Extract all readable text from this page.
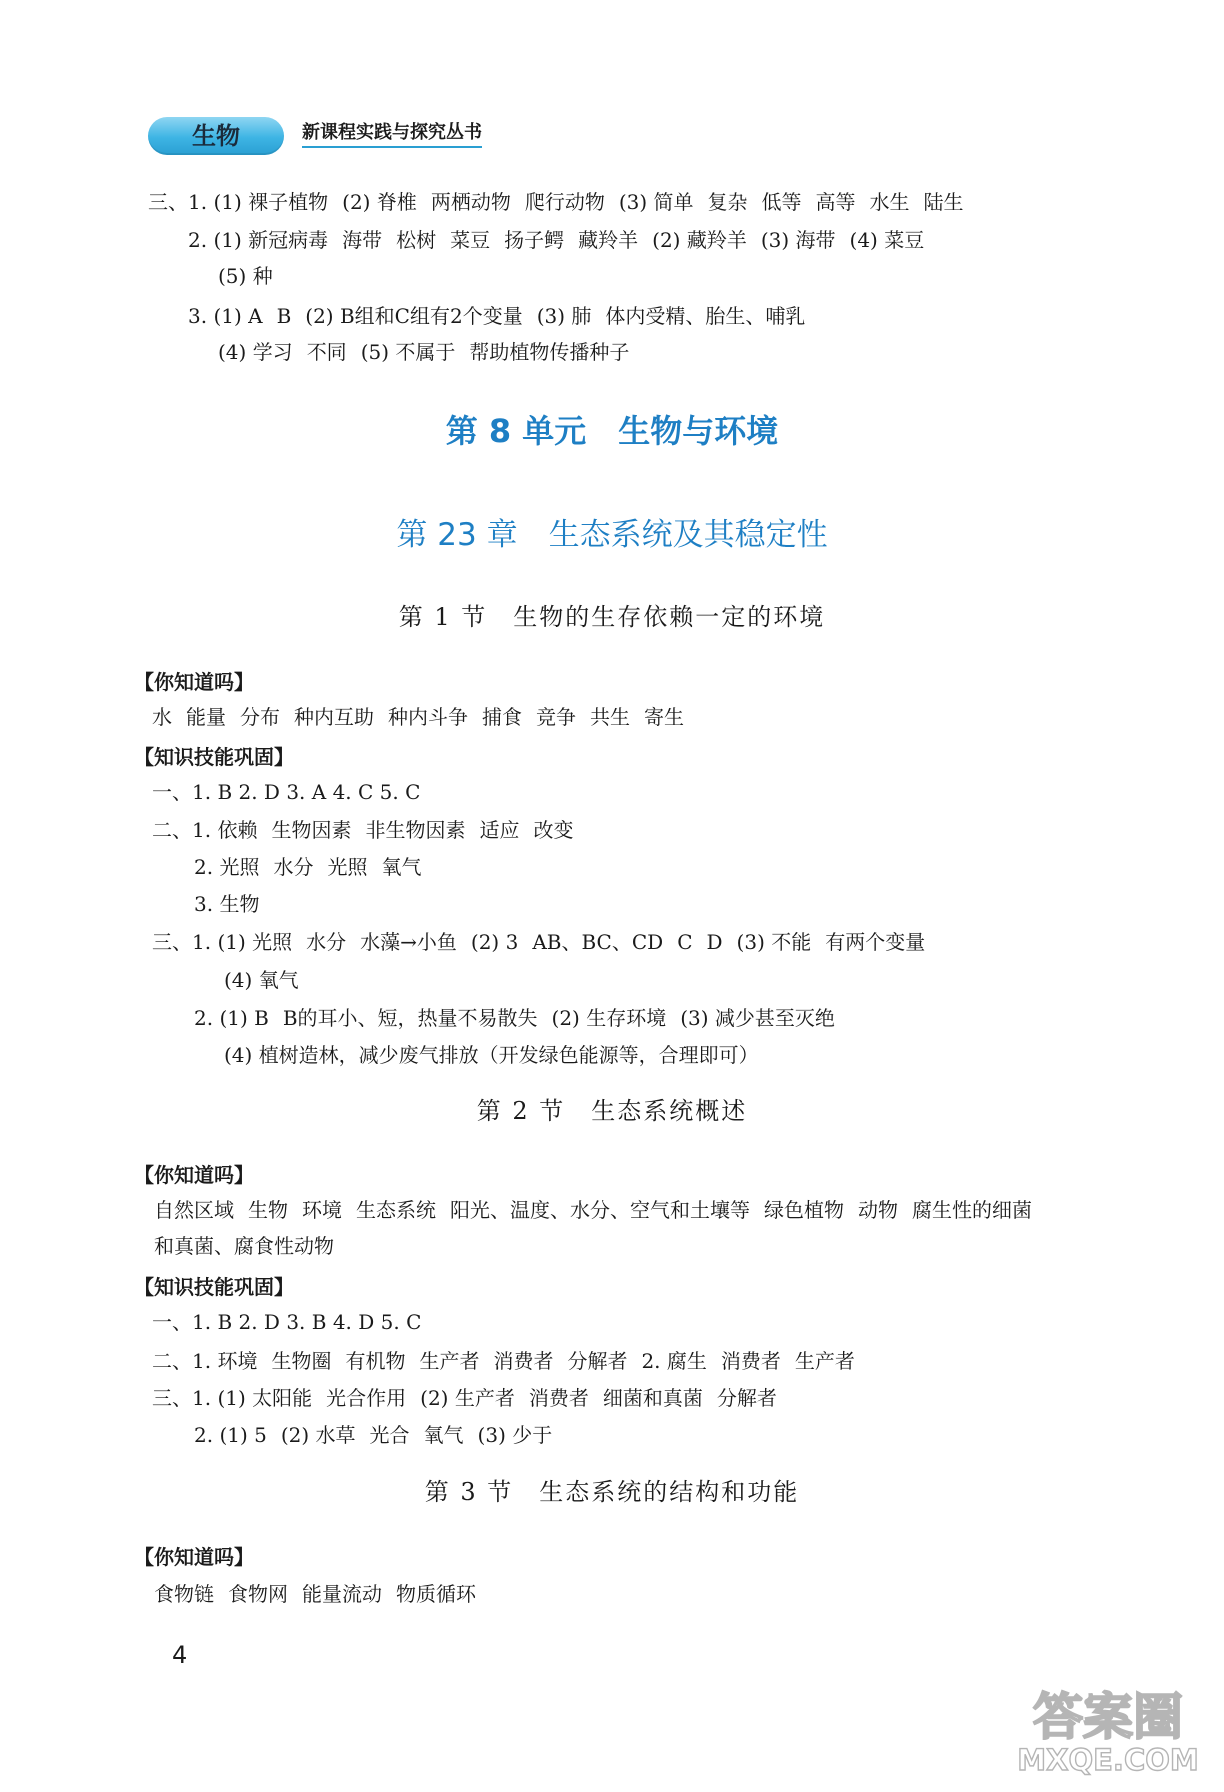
生物	新课程实践与探究丛书
三、1. (1) 裸子植物 (2) 脊椎 两栖动物 爬行动物 (3) 简单 复杂 低等 高等 水生 陆生
2. (1) 新冠病毒 海带 松树 菜豆 扬子鳄 藏羚羊 (2) 藏羚羊 (3) 海带 (4) 菜豆
(5) 种
3. (1) A B (2) B组和C组有2个变量 (3) 肺 体内受精、胎生、哺乳
(4) 学习 不同 (5) 不属于 帮助植物传播种子
第 8 单元　生物与环境
第 23 章　生态系统及其稳定性
第 1 节　生物的生存依赖一定的环境
【你知道吗】
水 能量 分布 种内互助 种内斗争 捕食 竞争 共生 寄生
【知识技能巩固】
一、1. B 2. D 3. A 4. C 5. C
二、1. 依赖 生物因素 非生物因素 适应 改变
2. 光照 水分 光照 氧气
3. 生物
三、1. (1) 光照 水分 水藻→小鱼 (2) 3 AB、BC、CD C D (3) 不能 有两个变量
(4) 氧气
2. (1) B B的耳小、短，热量不易散失 (2) 生存环境 (3) 减少甚至灭绝
(4) 植树造林，减少废气排放（开发绿色能源等，合理即可）
第 2 节　生态系统概述
【你知道吗】
自然区域 生物 环境 生态系统 阳光、温度、水分、空气和土壤等 绿色植物 动物 腐生性的细菌
和真菌、腐食性动物
【知识技能巩固】
一、1. B 2. D 3. B 4. D 5. C
二、1. 环境 生物圈 有机物 生产者 消费者 分解者 2. 腐生 消费者 生产者
三、1. (1) 太阳能 光合作用 (2) 生产者 消费者 细菌和真菌 分解者
2. (1) 5 (2) 水草 光合 氧气 (3) 少于
第 3 节　生态系统的结构和功能
【你知道吗】
食物链 食物网 能量流动 物质循环
4
答案圈
MXQE.COM
